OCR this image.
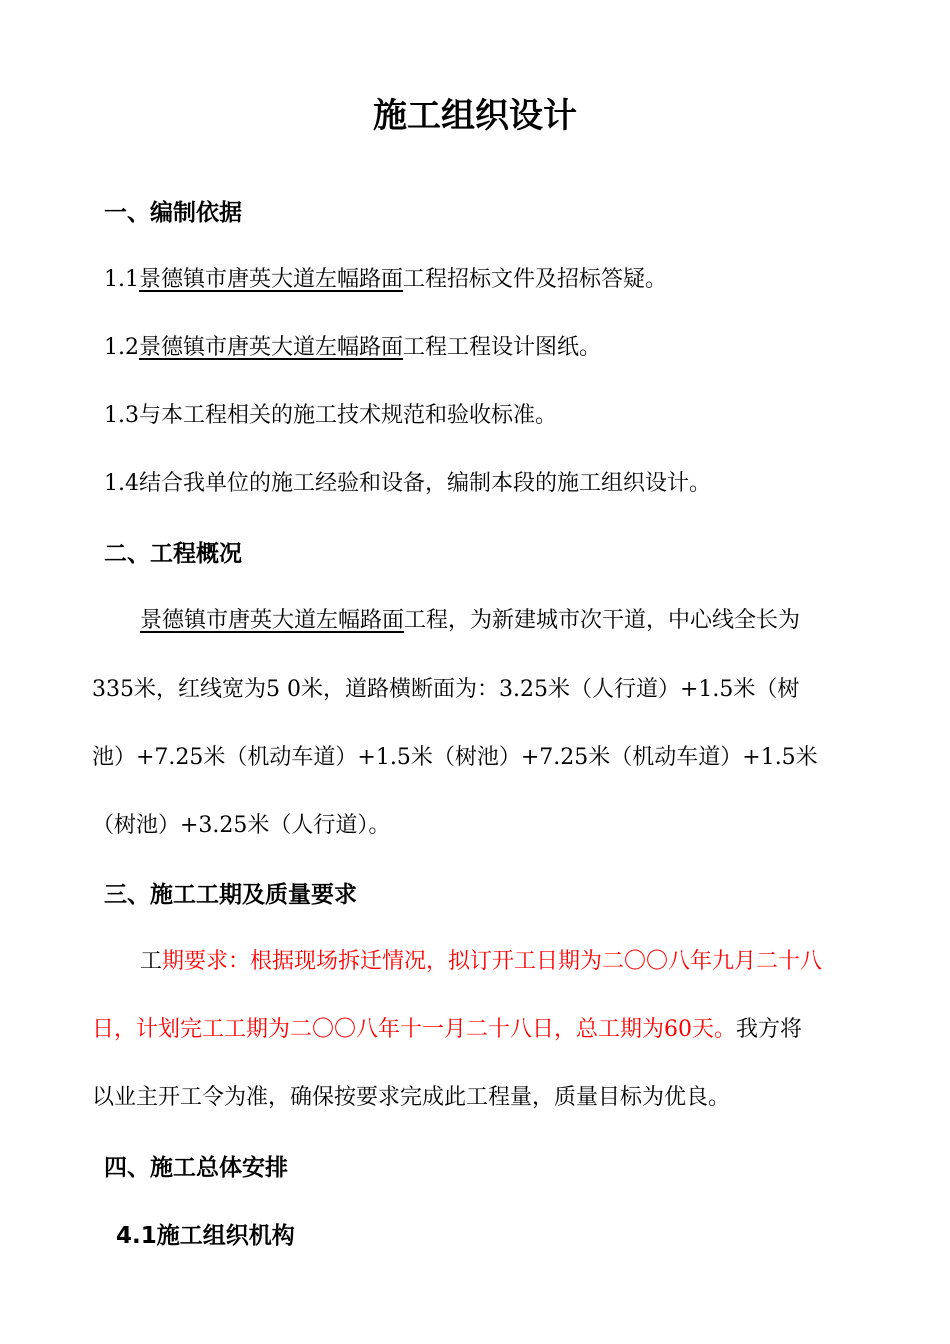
施工组织设计
一、编制依据
1.1景德镇市唐英大道左幅路面工程招标文件及招标答疑。
1.2景德镇市唐英大道左幅路面工程工程设计图纸。
1.3与本工程相关的施工技术规范和验收标准。
1.4结合我单位的施工经验和设备，编制本段的施工组织设计。
二、工程概况
景德镇市唐英大道左幅路面工程，为新建城市次干道，中心线全长为
335米，红线宽为5 0米，道路横断面为：3.25米（人行道）+1.5米（树
池）+7.25米（机动车道）+1.5米（树池）+7.25米（机动车道）+1.5米
（树池）+3.25米（人行道）。
三、施工工期及质量要求
工期要求：根据现场拆迁情况，拟订开工日期为二〇〇八年九月二十八
日，计划完工工期为二〇〇八年十一月二十八日，总工期为60天。我方将
以业主开工令为准，确保按要求完成此工程量，质量目标为优良。
四、施工总体安排
4.1施工组织机构
